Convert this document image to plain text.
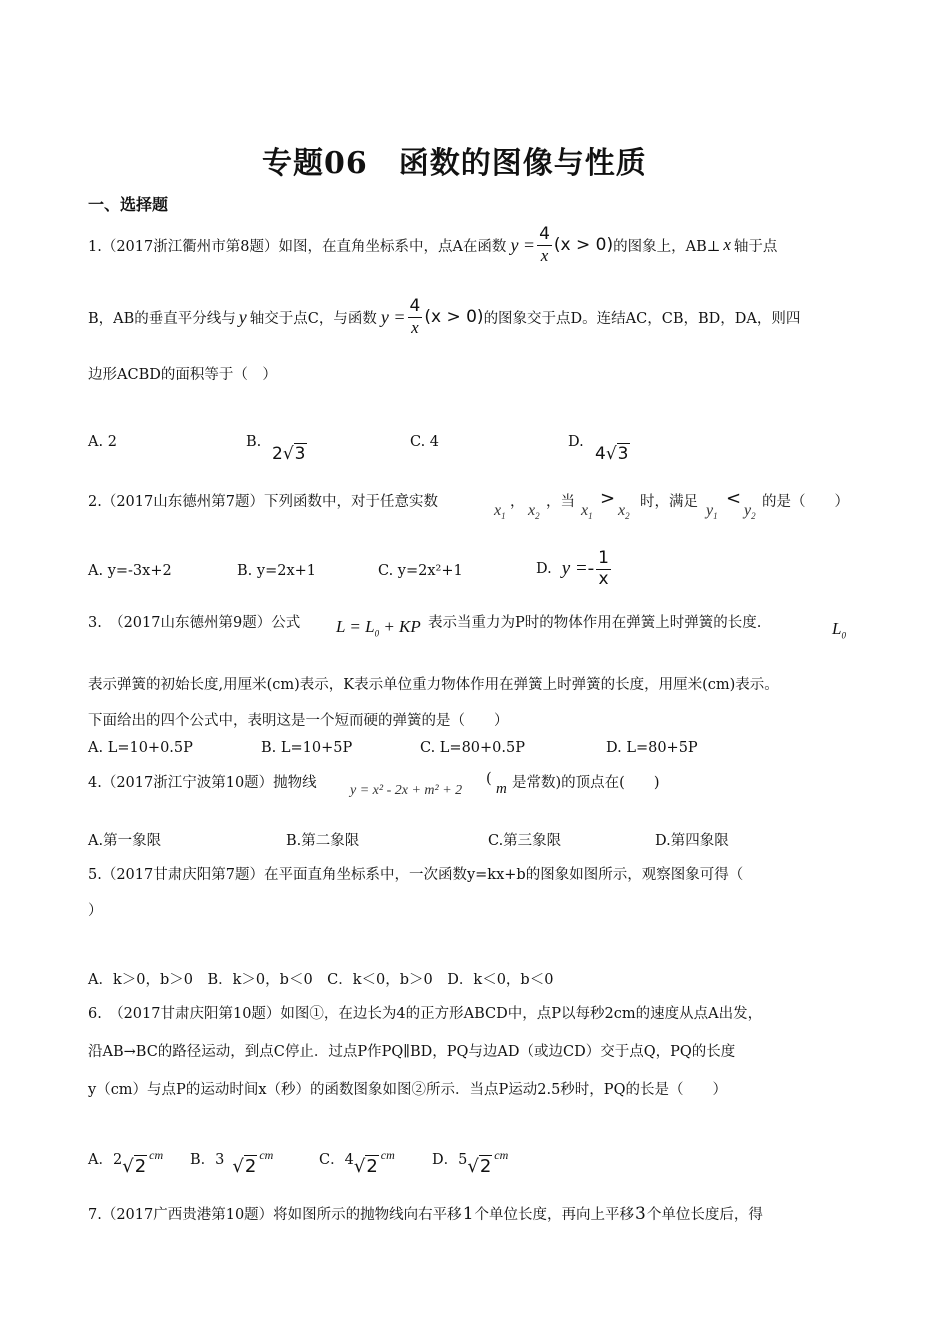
专题06　函数的图像与性质
一、选择题
1.（2017浙江衢州市第8题）如图，在直角坐标系中，点A在函数 $y = \frac{4}{x} (x > 0)$ 的图象上，AB⊥ x 轴于点
B，AB的垂直平分线与 y 轴交于点C，与函数 $y = \frac{4}{x} (x > 0)$ 的图象交于点D。连结AC，CB，BD，DA，则四
边形ACBD的面积等于（　）
A. 2	B.
2√3
C. 4	D.
4√3
2.（2017山东德州第7题）下列函数中，对于任意实数	$x_1$
， $x_2$
，当 $x_1$
>
$x_2$
时，满足 $y_1$
<
$y_2$
的是（　　）
A. y=-3x+2	B. y=2x+1	C. y=2x²+1	D. $y =- \frac{1}{x}$
3.　（2017山东德州第9题）公式 $L = L_0$ + KP 表示当重力为P时的物体作用在弹簧上时弹簧的长度.	$L_0$
表示弹簧的初始长度,用厘米(cm)表示，K表示单位重力物体作用在弹簧上时弹簧的长度，用厘米(cm)表示。
下面给出的四个公式中，表明这是一个短而硬的弹簧的是（　　）
A. L=10+0.5P	B. L=10+5P	C. L=80+0.5P	D. L=80+5P
4.（2017浙江宁波第10题）抛物线 y = x² - 2x + m² + 2
(
m 是常数)的顶点在(　　)
A.第一象限	B.第二象限	C.第三象限	D.第四象限
5.（2017甘肃庆阳第7题）在平面直角坐标系中，一次函数y=kx+b的图象如图所示，观察图象可得（
）
A．k＞0，b＞0　B．k＞0，b＜0　C．k＜0，b＞0　D．k＜0，b＜0
6.　（2017甘肃庆阳第10题）如图①，在边长为4的正方形ABCD中，点P以每秒2cm的速度从点A出发，
沿AB→BC的路径运动，到点C停止．过点P作PQ∥BD，PQ与边AD（或边CD）交于点Q，PQ的长度
y（cm）与点P的运动时间x（秒）的函数图象如图②所示．当点P运动2.5秒时，PQ的长是（　　）
A．2 √2
cm B．3 √2
cm	C．4 √2
cm	D．5 √2
cm
7.（2017广西贵港第10题）将如图所示的抛物线向右平移 1 个单位长度，再向上平移 3 个单位长度后，得
